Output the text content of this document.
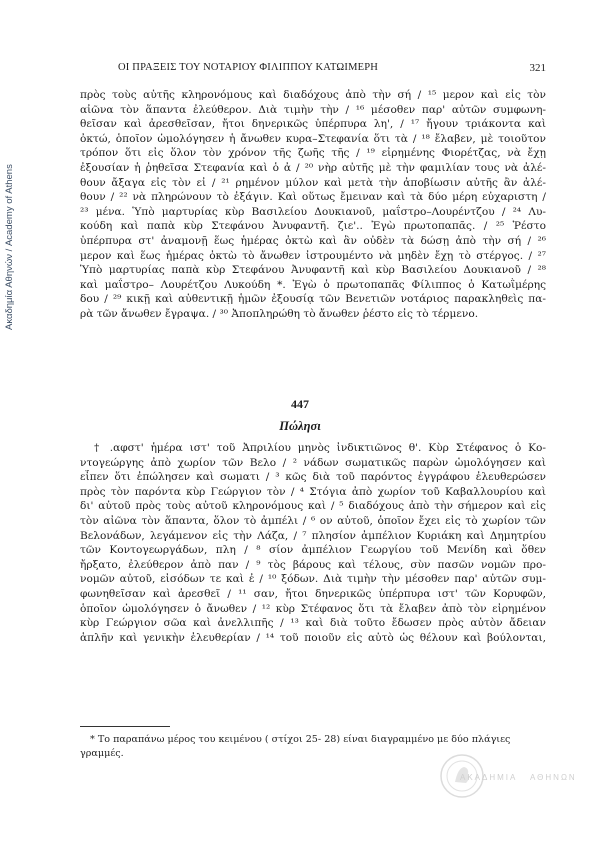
Ακαδημία Αθηνών / Academy of Athens
ΟΙ ΠΡΑΞΕΙΣ ΤΟΥ ΝΟΤΑΡΙΟΥ ΦΙΛΙΠΠΟΥ ΚΑΤΩΙΜΕΡΗ	321
πρὸς τοὺς αὐτῆς κληρονόμους καὶ διαδόχους ἀπὸ τὴν σή / ¹⁵ μερον καὶ εἰς τὸν
αἰῶνα τὸν ἅπαντα ἐλεύθερον. Διὰ τιμὴν τὴν / ¹⁶ μέσοθεν παρ' αὐτῶν συμφωνη-
θεῖσαν καὶ ἀρεσθεῖσαν, ἤτοι δηνερικῶς ὑπέρπυρα λη', / ¹⁷ ἤγουν τριάκοντα καὶ
ὀκτώ, ὁποῖον ὡμολόγησεν ἡ ἄνωθεν κυρα–Στεφανία ὅτι τὰ / ¹⁸ ἔλαβεν, μὲ τοιοῦτον
τρόπον ὅτι εἰς ὅλον τὸν χρόνον τῆς ζωῆς τῆς / ¹⁹ εἰρημένης Φιορέτζας, νὰ ἔχῃ
ἐξουσίαν ἡ ῥηθεῖσα Στεφανία καὶ ὁ ἀ / ²⁰ νὴρ αὐτῆς μὲ τὴν φαμιλίαν τους νὰ ἀλέ-
θουν ἄξαγα εἰς τὸν εἰ / ²¹ ρημένον μύλον καὶ μετὰ τὴν ἀποβίωσιν αὐτῆς ἂν ἀλέ-
θουν / ²² νὰ πληρώνουν τὸ ἐξάγιν. Καὶ οὕτως ἔμειναν καὶ τὰ δύο μέρη εὐχαριστη /
²³ μένα. Ὑπὸ μαρτυρίας κὺρ Βασιλείου Δουκιανοῦ, μαΐστρο–Λουρέντζου / ²⁴ Λυ-
κούδη καὶ παπὰ κὺρ Στεφάνου Ἀνυφαντῆ. ζιε'.. Ἐγὼ πρωτοπαπᾶς. / ²⁵ Ῥέστο
ὑπέρπυρα στ' ἀναμονῇ ἕως ἡμέρας ὀκτὼ καὶ ἂν οὐδὲν τὰ δώσῃ ἀπὸ τὴν σή / ²⁶
μερον καὶ ἕως ἡμέρας ὀκτὼ τὸ ἄνωθεν ἰστρουμέντο νὰ μηδὲν ἔχῃ τὸ στέργος. / ²⁷
Ὑπὸ μαρτυρίας παπὰ κὺρ Στεφάνου Ἀνυφαντῆ καὶ κὺρ Βασιλείου Δουκιανοῦ / ²⁸
καὶ μαΐστρο– Λουρέτζου Λυκούδη *. Ἐγὼ ὁ πρωτοπαπᾶς Φίλιππος ὁ Κατωῒμέρης
δου / ²⁹ κικῇ καὶ αὐθεντικῇ ἡμῶν ἐξουσίᾳ τῶν Βενετιῶν νοτάριος παρακληθεὶς πα-
ρὰ τῶν ἄνωθεν ἔγραψα. / ³⁰ Ἀποπληρώθη τὸ ἄνωθεν ῥέστο εἰς τὸ τέρμενο.
447
Πώλησι
† .αφστ' ἡμέρα ιστ' τοῦ Ἀπριλίου μηνὸς ἰνδικτιῶνος θ'. Κὺρ Στέφανος ὁ Κο-
ντογεώργης ἀπὸ χωρίον τῶν Βελο / ² νάδων σωματικῶς παρὼν ὡμολόγησεν καὶ
εἶπεν ὅτι ἐπώλησεν καὶ σωματι / ³ κῶς διὰ τοῦ παρόντος ἐγγράφου ἐλευθερώσεν
πρὸς τὸν παρόντα κὺρ Γεώργιον τὸν / ⁴ Στόγια ἀπὸ χωρίον τοῦ Καβαλλουρίου καὶ
δι' αὐτοῦ πρὸς τοὺς αὐτοῦ κληρονόμους καὶ / ⁵ διαδόχους ἀπὸ τὴν σήμερον καὶ εἰς
τὸν αἰῶνα τὸν ἅπαντα, ὅλον τὸ ἀμπέλι / ⁶ ον αὐτοῦ, ὁποῖον ἔχει εἰς τὸ χωρίον τῶν
Βελονάδων, λεγάμενον εἰς τὴν Λάζα, / ⁷ πλησίον ἀμπέλιον Κυριάκη καὶ Δημητρίου
τῶν Κοντογεωργάδων, πλη / ⁸ σίον ἀμπέλιον Γεωργίου τοῦ Μενίδη καὶ ὅθεν
ἤρξατο, ἐλεύθερον ἀπὸ παν / ⁹ τὸς βάρους καὶ τέλους, σὺν πασῶν νομῶν προ-
νομῶν αὐτοῦ, εἰσόδων τε καὶ ἐ / ¹⁰ ξόδων. Διὰ τιμὴν τὴν μέσοθεν παρ' αὐτῶν συμ-
φωνηθεῖσαν καὶ ἀρεσθεῖ / ¹¹ σαν, ἤτοι δηνερικῶς ὑπέρπυρα ιστ' τῶν Κορυφῶν,
ὁποῖον ὡμολόγησεν ὁ ἄνωθεν / ¹² κὺρ Στέφανος ὅτι τὰ ἔλαβεν ἀπὸ τὸν εἰρημένον
κὺρ Γεώργιον σῶα καὶ ἀνελλιπῆς / ¹³ καὶ διὰ τοῦτο ἔδωσεν πρὸς αὐτὸν ἄδειαν
ἁπλῆν καὶ γενικὴν ἐλευθερίαν / ¹⁴ τοῦ ποιοῦν εἰς αὐτὸ ὡς θέλουν καὶ βούλονται,
* Το παραπάνω μέρος του κειμένου ( στίχοι 25- 28) είναι διαγραμμένο με δύο πλάγιες
γραμμές.
ΑΚΑΔΗΜΙΑ ΑΘΗΝΩΝ
